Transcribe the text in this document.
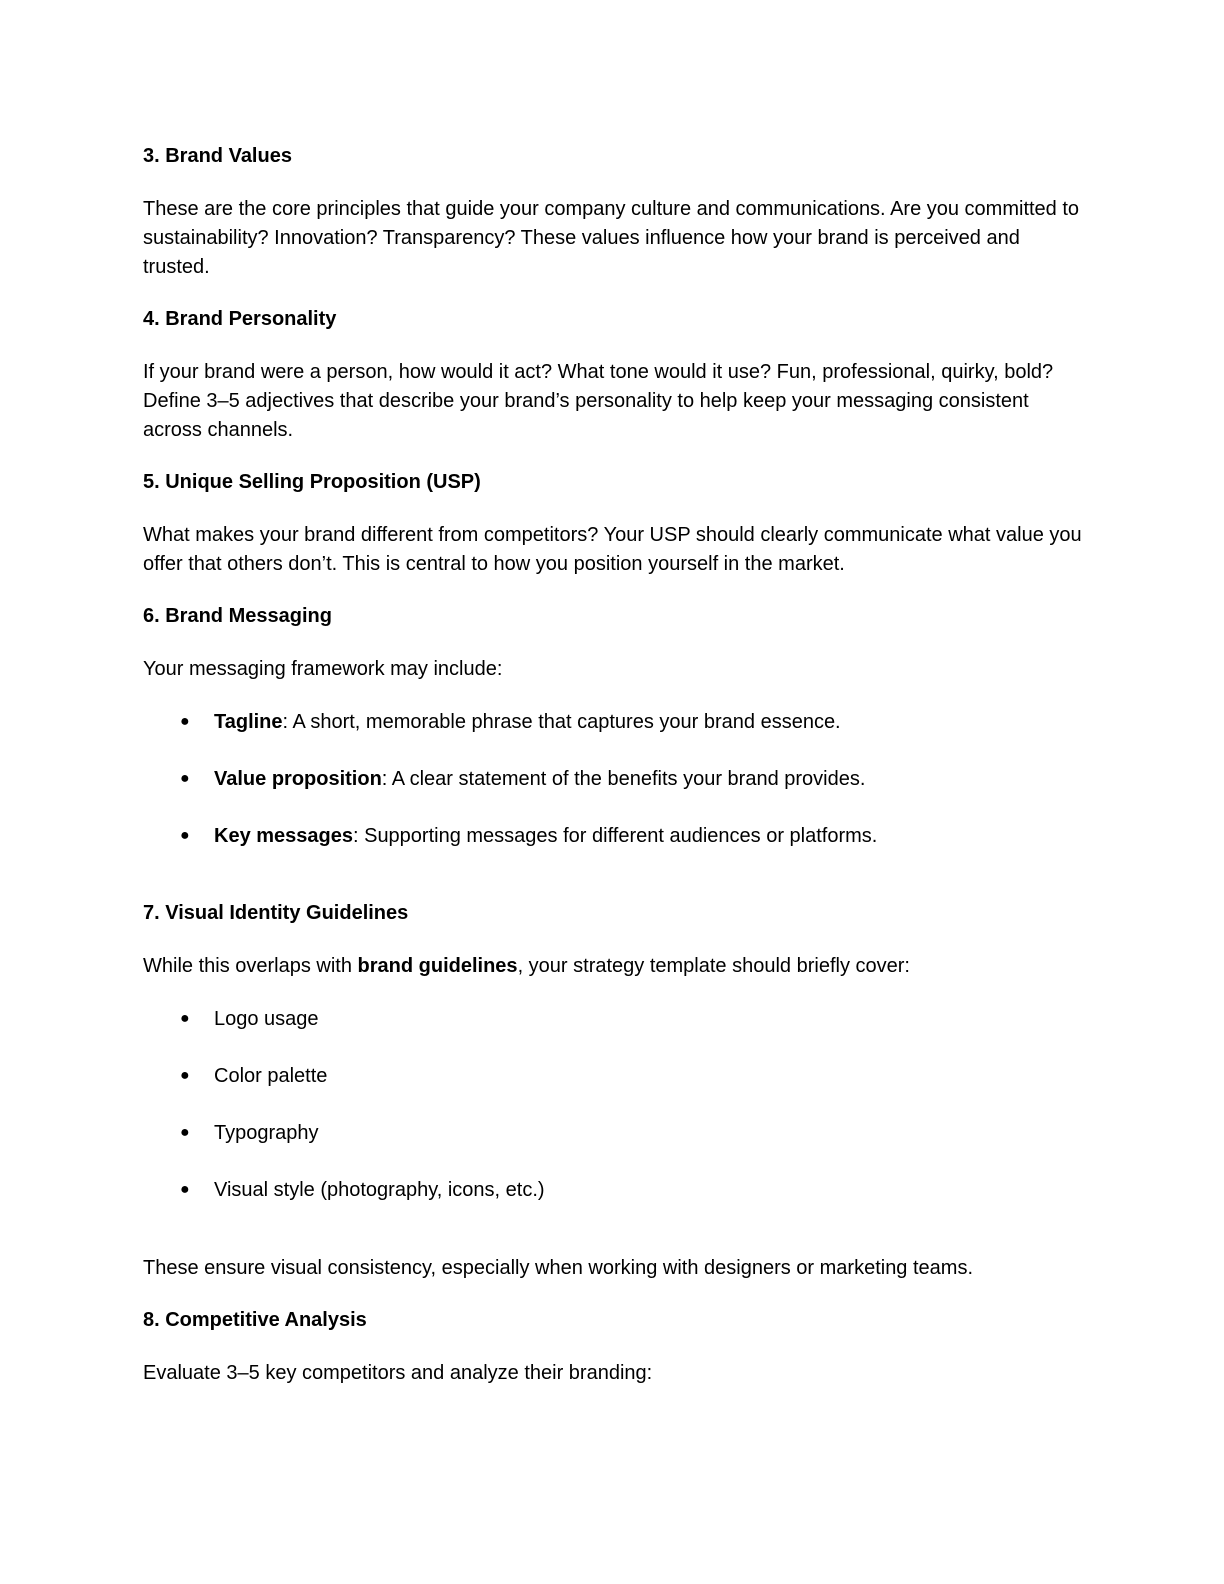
3. Brand Values

These are the core principles that guide your company culture and communications. Are you committed to sustainability? Innovation? Transparency? These values influence how your brand is perceived and trusted.

4. Brand Personality

If your brand were a person, how would it act? What tone would it use? Fun, professional, quirky, bold? Define 3–5 adjectives that describe your brand’s personality to help keep your messaging consistent across channels.

5. Unique Selling Proposition (USP)

What makes your brand different from competitors? Your USP should clearly communicate what value you offer that others don’t. This is central to how you position yourself in the market.

6. Brand Messaging

Your messaging framework may include:

● Tagline: A short, memorable phrase that captures your brand essence.
● Value proposition: A clear statement of the benefits your brand provides.
● Key messages: Supporting messages for different audiences or platforms.
7. Visual Identity Guidelines

While this overlaps with brand guidelines, your strategy template should briefly cover:

● Logo usage
● Color palette
● Typography
● Visual style (photography, icons, etc.)

These ensure visual consistency, especially when working with designers or marketing teams.

8. Competitive Analysis

Evaluate 3–5 key competitors and analyze their branding:
